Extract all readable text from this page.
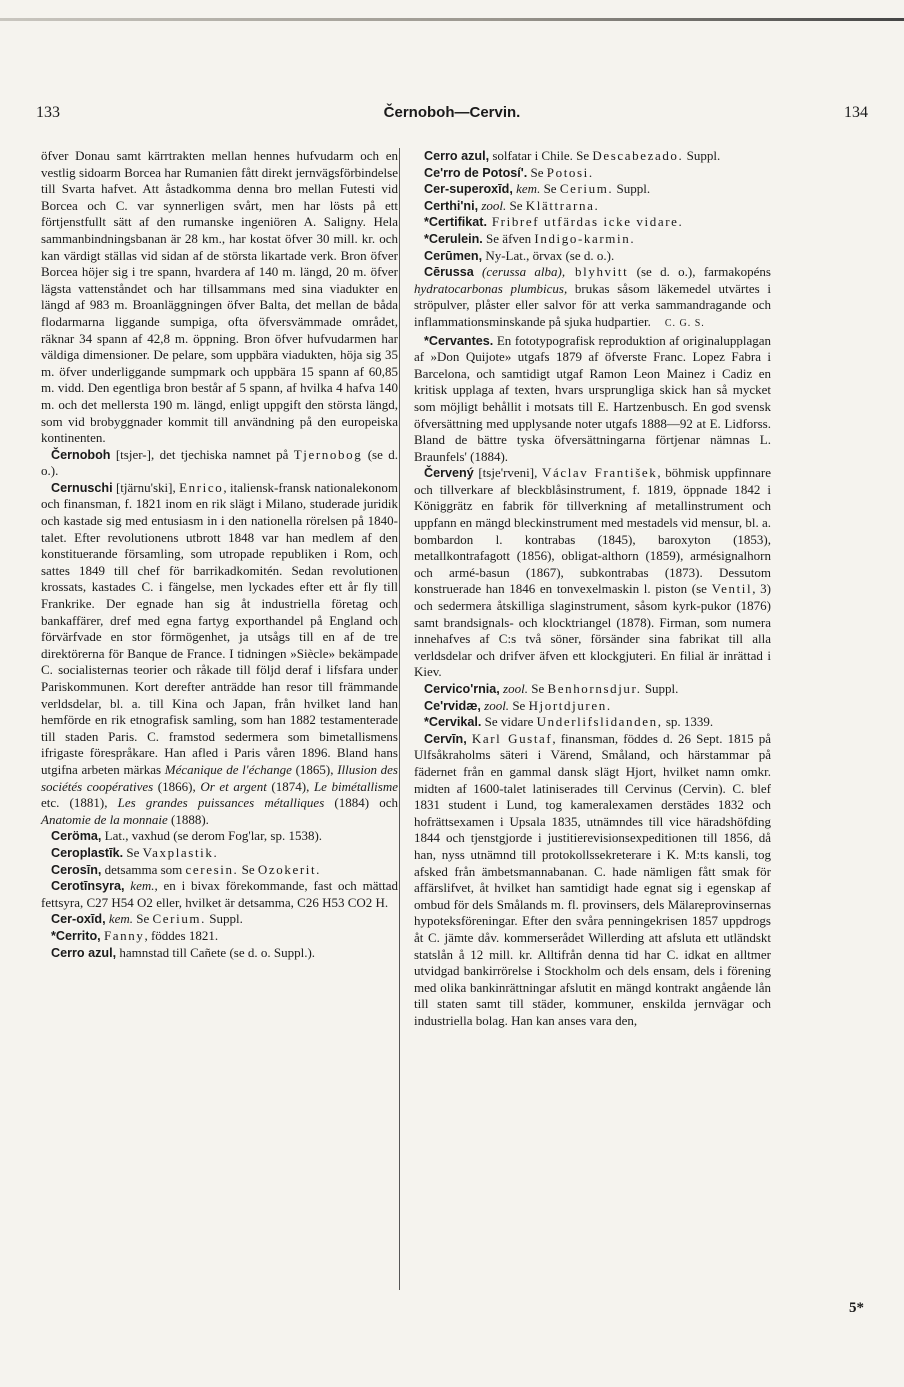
133	Černoboh—Cervin.	134

öfver Donau samt kärrtrakten mellan hennes hufvudarm och en vestlig sidoarm Borcea har Rumanien fått direkt jernvägsförbindelse till Svarta hafvet. Att åstadkomma denna bro mellan Futesti vid Borcea och C. var synnerligen svårt, men har lösts på ett förtjenstfullt sätt af den rumanske ingeniören A. Saligny. Hela sammanbindningsbanan är 28 km., har kostat öfver 30 mill. kr. och kan värdigt ställas vid sidan af de största likartade verk. Bron öfver Borcea höjer sig i tre spann, hvardera af 140 m. längd, 20 m. öfver lägsta vattenståndet och har tillsammans med sina viadukter en längd af 983 m. Broanläggningen öfver Balta, det mellan de båda flodarmarna liggande sumpiga, ofta öfversvämmade området, räknar 34 spann af 42,8 m. öppning. Bron öfver hufvudarmen har väldiga dimensioner. De pelare, som uppbära viadukten, höja sig 35 m. öfver underliggande sumpmark och uppbära 15 spann af 60,85 m. vidd. Den egentliga bron består af 5 spann, af hvilka 4 hafva 140 m. och det mellersta 190 m. längd, enligt uppgift den största längd, som vid brobyggnader kommit till användning på den europeiska kontinenten.

Černoboh [tsjer-], det tjechiska namnet på Tjernobog (se d. o.).

Cernuschi [tjärnu'ski], Enrico, italiensk-fransk nationalekonom och finansman, f. 1821 inom en rik slägt i Milano, studerade juridik och kastade sig med entusiasm in i den nationella rörelsen på 1840-talet. Efter revolutionens utbrott 1848 var han medlem af den konstituerande församling, som utropade republiken i Rom, och sattes 1849 till chef för barrikadkomitén. Sedan revolutionen krossats, kastades C. i fängelse, men lyckades efter ett år fly till Frankrike. Der egnade han sig åt industriella företag och bankaffärer, dref med egna fartyg exporthandel på England och förvärfvade en stor förmögenhet, ja utsågs till en af de tre direktörerna för Banque de France. I tidningen »Siècle» bekämpade C. socialisternas teorier och råkade till följd deraf i lifsfara under Pariskommunen. Kort derefter anträdde han resor till främmande verldsdelar, bl. a. till Kina och Japan, från hvilket land han hemförde en rik etnografisk samling, som han 1882 testamenterade till staden Paris. C. framstod sedermera som bimetallismens ifrigaste förespråkare. Han afled i Paris våren 1896. Bland hans utgifna arbeten märkas Mécanique de l'échange (1865), Illusion des sociétés coopératives (1866), Or et argent (1874), Le bimétallisme etc. (1881), Les grandes puissances métalliques (1884) och Anatomie de la monnaie (1888).

Ceröma, Lat., vaxhud (se derom Fog'lar, sp. 1538).

Ceroplastīk. Se Vaxplastik.

Cerosīn, detsamma som ceresin. Se Ozokerit.

Cerotīnsyra, kem., en i bivax förekommande, fast och mättad fettsyra, C27 H54 O2 eller, hvilket är detsamma, C26 H53 CO2 H.

Cer-oxīd, kem. Se Cerium. Suppl.

*Cerrito, Fanny, föddes 1821.

Cerro azul, hamnstad till Cañete (se d. o. Suppl.).

Cerro azul, solfatar i Chile. Se Descabezado. Suppl.

Ce'rro de Potosí'. Se Potosi.

Cer-superoxīd, kem. Se Cerium. Suppl.

Certhi'ni, zool. Se Klättrarna.

*Certifikat. Fribref utfärdas icke vidare.

*Cerulein. Se äfven Indigo-karmin.

Cerūmen, Ny-Lat., örvax (se d. o.).

Cērussa (cerussa alba), blyhvitt (se d. o.), farmakopéns hydratocarbonas plumbicus, brukas såsom läkemedel utvärtes i ströpulver, plåster eller salvor för att verka sammandragande och inflammationsminskande på sjuka hudpartier. C. G. S.

*Cervantes. En fototypografisk reproduktion af originalupplagan af »Don Quijote» utgafs 1879 af öfverste Franc. Lopez Fabra i Barcelona, och samtidigt utgaf Ramon Leon Mainez i Cadiz en kritisk upplaga af texten, hvars ursprungliga skick han så mycket som möjligt behållit i motsats till E. Hartzenbusch. En god svensk öfversättning med upplysande noter utgafs 1888—92 at E. Lidforss. Bland de bättre tyska öfversättningarna förtjenar nämnas L. Braunfels' (1884).

Červený [tsje'rveni], Václav František, böhmisk uppfinnare och tillverkare af bleckblåsinstrument, f. 1819, öppnade 1842 i Königgrätz en fabrik för tillverkning af metallinstrument och uppfann en mängd bleckinstrument med mestadels vid mensur, bl. a. bombardon l. kontrabas (1845), baroxyton (1853), metallkontrafagott (1856), obligat-althorn (1859), armésignalhorn och armé-basun (1867), subkontrabas (1873). Dessutom konstruerade han 1846 en tonvexelmaskin l. piston (se Ventil, 3) och sedermera åtskilliga slaginstrument, såsom kyrk-pukor (1876) samt brandsignals- och klocktriangel (1878). Firman, som numera innehafves af C:s två söner, försänder sina fabrikat till alla verldsdelar och drifver äfven ett klockgjuteri. En filial är inrättad i Kiev.

Cervico'rnia, zool. Se Benhornsdjur. Suppl.

Ce'rvidæ, zool. Se Hjortdjuren.

*Cervikal. Se vidare Underlifslidanden, sp. 1339.

Cervīn, Karl Gustaf, finansman, föddes d. 26 Sept. 1815 på Ulfsåkraholms säteri i Värend, Småland, och härstammar på fädernet från en gammal dansk slägt Hjort, hvilket namn omkr. midten af 1600-talet latiniserades till Cervinus (Cervin). C. blef 1831 student i Lund, tog kameralexamen derstädes 1832 och hofrättsexamen i Upsala 1835, utnämndes till vice häradshöfding 1844 och tjenstgjorde i justitierevisionsexpeditionen till 1856, då han, nyss utnämnd till protokollssekreterare i K. M:ts kansli, tog afsked från ämbetsmannabanan. C. hade nämligen fått smak för affärslifvet, åt hvilket han samtidigt hade egnat sig i egenskap af ombud för dels Smålands m. fl. provinsers, dels Mälareprovinsernas hypoteksföreningar. Efter den svåra penningekrisen 1857 uppdrogs åt C. jämte dåv. kommerserådet Willerding att afsluta ett utländskt statslån å 12 mill. kr. Alltifrån denna tid har C. idkat en alltmer utvidgad bankirrörelse i Stockholm och dels ensam, dels i förening med olika bankinrättningar afslutit en mängd kontrakt angående lån till staten samt till städer, kommuner, enskilda jernvägar och industriella bolag. Han kan anses vara den,

5*
